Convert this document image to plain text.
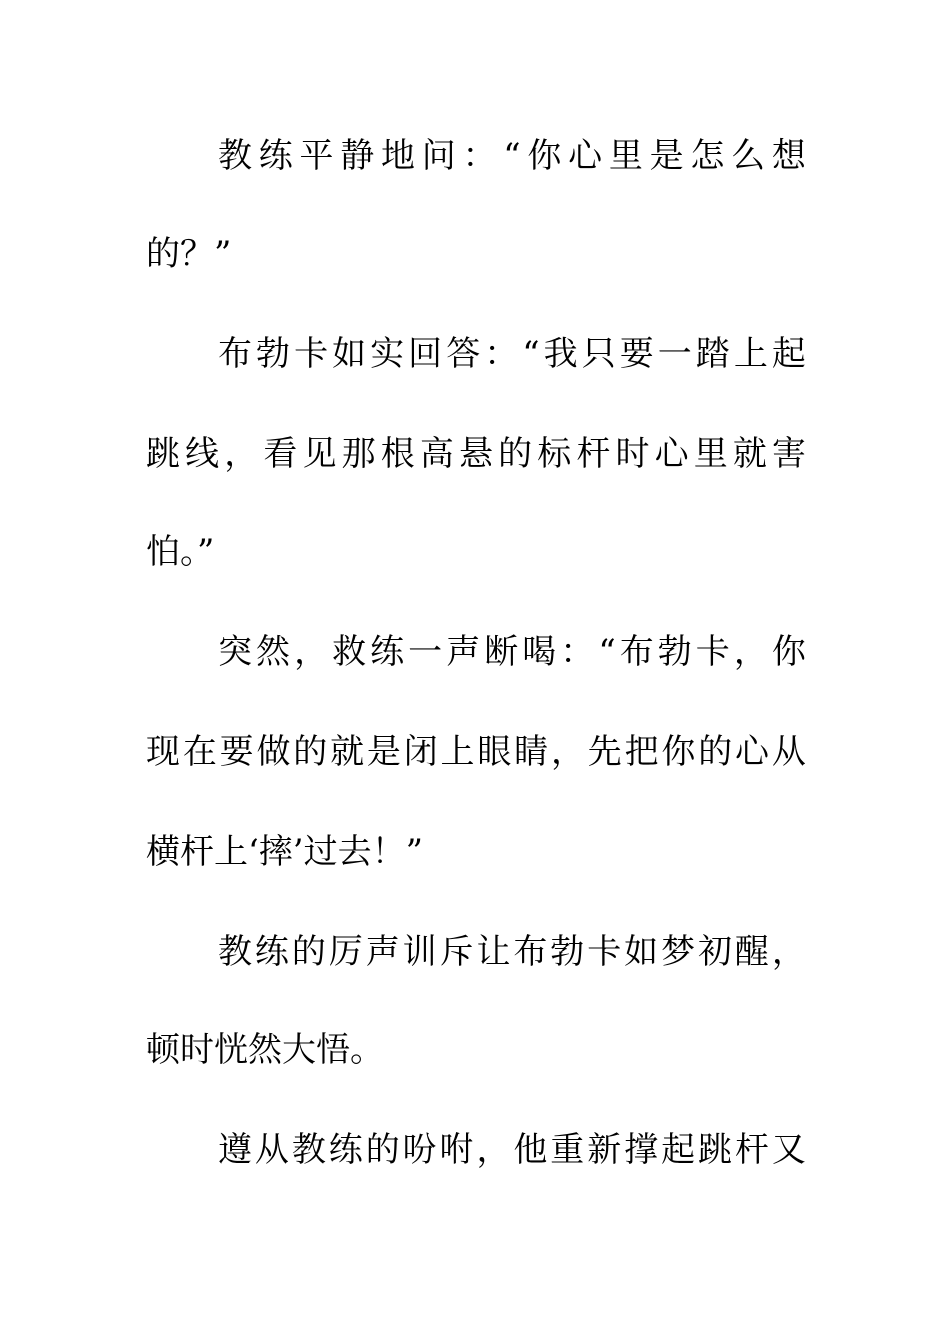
教 练 平 静 地 问 ： “ 你 心 里 是 怎 么 想
的？”
布 勃 卡 如 实 回 答 ： “ 我 只 要 一 踏 上 起
跳 线 ， 看 见 那 根 高 悬 的 标 杆 时 心 里 就 害
怕。”
突 然 ， 救 练 一 声 断 喝 ： “ 布 勃 卡 ， 你
现 在 要 做 的 就 是 闭 上 眼 睛 ， 先 把 你 的 心 从
横杆上‘摔’过去！”
教 练 的 厉 声 训 斥 让 布 勃 卡 如 梦 初 醒 ，
顿时恍然大悟。
遵 从 教 练 的 吩 咐 ， 他 重 新 撑 起 跳 杆 又
